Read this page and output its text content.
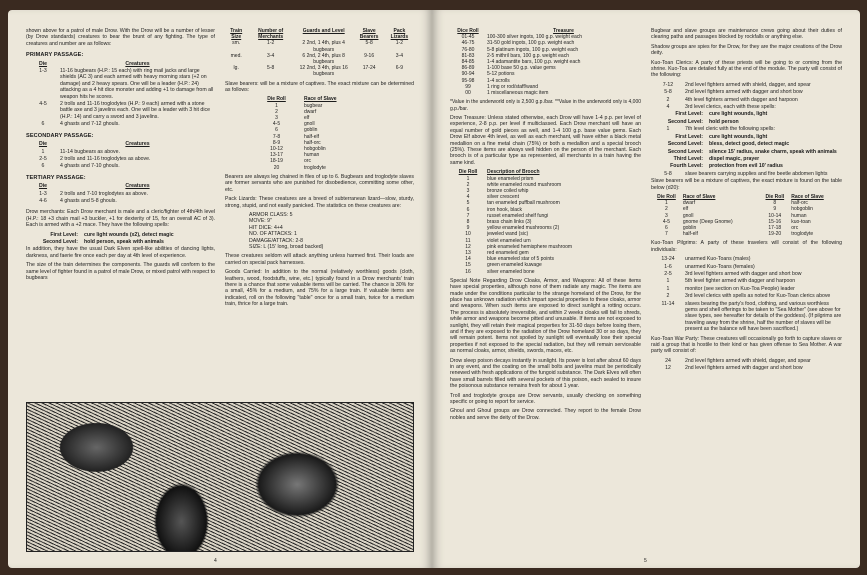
shown above for a patrol of male Drow. With the Drow will be a number of lesser (by Drow standards) creatures to bear the brunt of any fighting. The type of creatures and number are as follows:

PRIMARY PASSAGE:
Die	Creatures
1-3	11-16 bugbears (H.P.: 15 each) with ring mail jacks and large shields (AC 3) and each armed with heavy morning stars (+2 on damage) and 2 heavy spears. One will be a leader (H.P.: 24) attacking as a 4 hit dice monster and adding +1 to damage from all weapon hits he scores.
4-5	2 trolls and 11-16 troglodytes (H.P.: 9 each) armed with a stone battle axe and 3 javelins each. One will be a leader with 3 hit dice (H.P.: 14) and carry a sword and 3 javelins.
6	4 ghasts and 7-12 ghouls.
SECONDARY PASSAGE:
Die	Creatures
1	11-14 bugbears as above.
2-5	2 trolls and 11-16 troglodytes as above.
6	4 ghasts and 7-10 ghouls.
TERTIARY PASSAGE:
Die	Creatures
1-3	2 trolls and 7-10 troglodytes as above.
4-6	4 ghasts and 5-8 ghouls.

Drow merchants: Each Drow merchant is male and a cleric/fighter of 4th/4th level (H.P.: 18 +3 chain mail +3 buckler, +1 for dexterity of 15, for an overall AC of 3). Each is armed with a +2 mace. They have the following spells:

First Level:	cure light wounds (x2), detect magic
Second Level:	hold person, speak with animals

In addition, they have the usual Dark Elven spell-like abilities of dancing lights, darkness, and faerie fire once each per day at 4th level of experience.

The size of the train determines the components. The guards will conform to the same level of fighter found in a patrol of male Drow, or mixed patrol with respect to bugbears

Train Size	Number of Merchants	Guards and Level	Slave Bearers	Pack Lizards
sm.	1-2	2 2nd, 1 4th, plus 4 bugbears	5-8	1-2
med.	3-4	6 2nd, 2 4th, plus 8 bugbears	9-16	3-4
lg.	5-8	12 2nd, 3 4th, plus 16 bugbears	17-24	6-9

Slave bearers: will be a mixture of captives. The exact mixture can be determined as follows:

Die Roll	Race of Slave
1	bugbear
2	dwarf
3	elf
4-5	gnoll
6	goblin
7-8	half-elf
8-9	half-orc
10-12	hobgoblin
13-17	human
18-19	orc
20	troglodyte

Bearers are always leg chained in files of up to 6. Bugbears and troglodyte slaves are former servants who are punished for disobedience, committing some other, etc.

Pack Lizards: These creatures are a breed of subterranean lizard—slow, sturdy, strong, stupid, and not easily panicked. The statistics on these creatures are:

ARMOR CLASS: 5
MOVE: 9"
HIT DICE: 4+4
NO. OF ATTACKS: 1
DAMAGE/ATTACK: 2-8
SIZE: L (15' long, broad backed)

These creatures seldom will attack anything unless harmed first. Their loads are carried on special pack harnesses.

Goods Carried: In addition to the normal (relatively worthless) goods (cloth, leathers, wood, foodstuffs, wine, etc.) typically found in a Drow merchants' train there is a chance that some valuable items will be carried. The chance is 30% for a small, 45% for a medium, and 75% for a large train. If valuable items are indicated, roll on the following "table" once for a small train, twice for a medium train, thrice for a large train.

4
Dice Roll	Treasure
01-45	100-300 silver ingots, 100 g.p. weight each
46-75	31-50 gold ingots, 100 g.p. weight each
76-80	5-8 platinum ingots, 100 g.p. weight each
81-83	2-5 mithril bars, 100 g.p. weight each
84-85	1-4 adamantite bars, 100 g.p. weight each
86-89	1-100 base 50 g.p. value gems
90-94	5-12 potions
95-98	1-4 scrolls
99	1 ring or rod/staff/wand
00	1 miscellaneous magic item

*Value in the underworld only is 2,500 g.p./bar. **Value in the underworld only is 4,000 g.p./bar.

Drow Treasure: Unless stated otherwise, each Drow will have 1-4 p.p. per level of experience, 2-8 p.p. per level if multiclassed. Each Drow merchant will have an equal number of gold pieces as well, and 1-4 100 g.p. base value gems. Each Drow Elf above 4th level, as well as each merchant, will have either a black metal medallion on a fine metal chain (75%) or both a medallion and a special brooch (25%). These items are always well hidden on the person of the merchant. Each brooch is of a particular type as represented, all merchants in a train having the same kind.

Die Roll	Description of Brooch
1	blue enameled prism
2	white enameled round mushroom
3	bronze coiled whip
4	silver crescent
5	tan enameled puffball mushroom
6	iron hook, black
7	russet enameled shelf fungi
8	brass chain links (3)
9	yellow enameled mushrooms (2)
10	jeweled wand (sic)
11	violet enameled urn
12	pink enameled hemisphere mushroom
13	red enameled gem
14	blue enameled star of 5 points
15	green enameled kuwage
16	silver enameled bone

Special Note Regarding Drow Cloaks, Armor, and Weapons: All of these items have special properties, although none of them radiate any magic. The items are made under the conditions particular to the strange homeland of the Drow, for the place has unknown radiation which impart special properties to these cloaks, armor and weapons. When such items are exposed to direct sunlight a rotting occurs. The process is absolutely irreversible, and within 2 weeks cloaks will fall to shreds, while armor and weapons become pitted and unusable. If items are not exposed to sunlight, they will retain their magical properties for 31-50 days before losing them, and if they are exposed to the radiation of the Drow homeland 30 or so days, they will remain potent. Items not spoiled by sunlight will eventually lose their special properties if not exposed to the special radiation, but they will remain serviceable as normal cloaks, armor, shields, swords, maces, etc.

Drow sleep poison decays instantly in sunlight. Its power is lost after about 60 days in any event, and the coating on the small bolts and javelins must be periodically renewed with fresh applications of the fungoid substance. The Dark Elves will often have small barrels filled with several pockets of this poison, each sealed to insure the poisonous substance remains fresh for about 1 year.

Troll and troglodyte groups are Drow servants, usually checking on something specific or going to report for service.

Ghoul and Ghoul groups are Drow connected. They report to the female Drow nobles and serve the deity of the Drow.

Bugbear and slave groups are maintenance crews going about their duties of clearing paths and passages blocked by rockfalls or anything else.

Shadow groups are spies for the Drow, for they are the major creations of the Drow deity.

Kuo-Toan Clerics: A party of these priests will be going to or coming from the shrine. Kuo-Toa are detailed fully at the end of the module. The party will consist of the following:

7-12	2nd level fighters armed with shield, dagger, and spear
5-8	2nd level fighters armed with dagger and short bow
2	4th level fighters armed with dagger and harpoon
4	3rd level clerics, each with these spells:
First Level:	cure light wounds, light
Second Level:	hold person
1	7th level cleric with the following spells:
First Level:	cure light wounds, light
Second Level:	bless, detect good, detect magic
Second Level:	silence 15' radius, snake charm, speak with animals
Third Level:	dispel magic, prayer
Fourth Level:	protection from evil 10' radius
5-8	slave bearers carrying supplies and fire beetle abdomen lights

Slave bearers will be a mixture of captives, the exact mixture is found on the table below (d20):

Die Roll	Race of Slave	Die Roll	Race of Slave
1	dwarf	8	half-orc
2	elf	9	hobgoblin
3	gnoll	10-14	human
4-5	gnome (Deep Gnome)	15-16	kuo-toan
6	goblin	17-18	orc
7	half-elf	19-20	troglodyte

Kuo-Toan Pilgrims: A party of these travelers will consist of the following individuals:

13-24	unarmed Kuo-Toans (males)
1-6	unarmed Kuo-Toans (females)
2-5	3rd level fighters armed with dagger and short bow
1	5th level fighter armed with dagger and harpoon
1	monitor (see section on Kuo-Toa People) leader
2	3rd level clerics with spells as noted for Kuo-Toan clerics above
11-14	slaves bearing the party's food, clothing, and various worthless gems and shell offerings to be taken to "Sea Mother" (see above for slave types, see hereafter for details of the goddess). (If pilgrims are traveling away from the shrine, half the number of slaves will be present as the balance will have been sacrificed.)

Kuo-Toan War Party: These creatures will occasionally go forth to capture slaves or raid a group that is hostile to their kind or has given offense to Sea Mother. A war party will consist of:

24	2nd level fighters armed with shield, dagger, and spear
12	2nd level fighters armed with dagger and short bow
5
